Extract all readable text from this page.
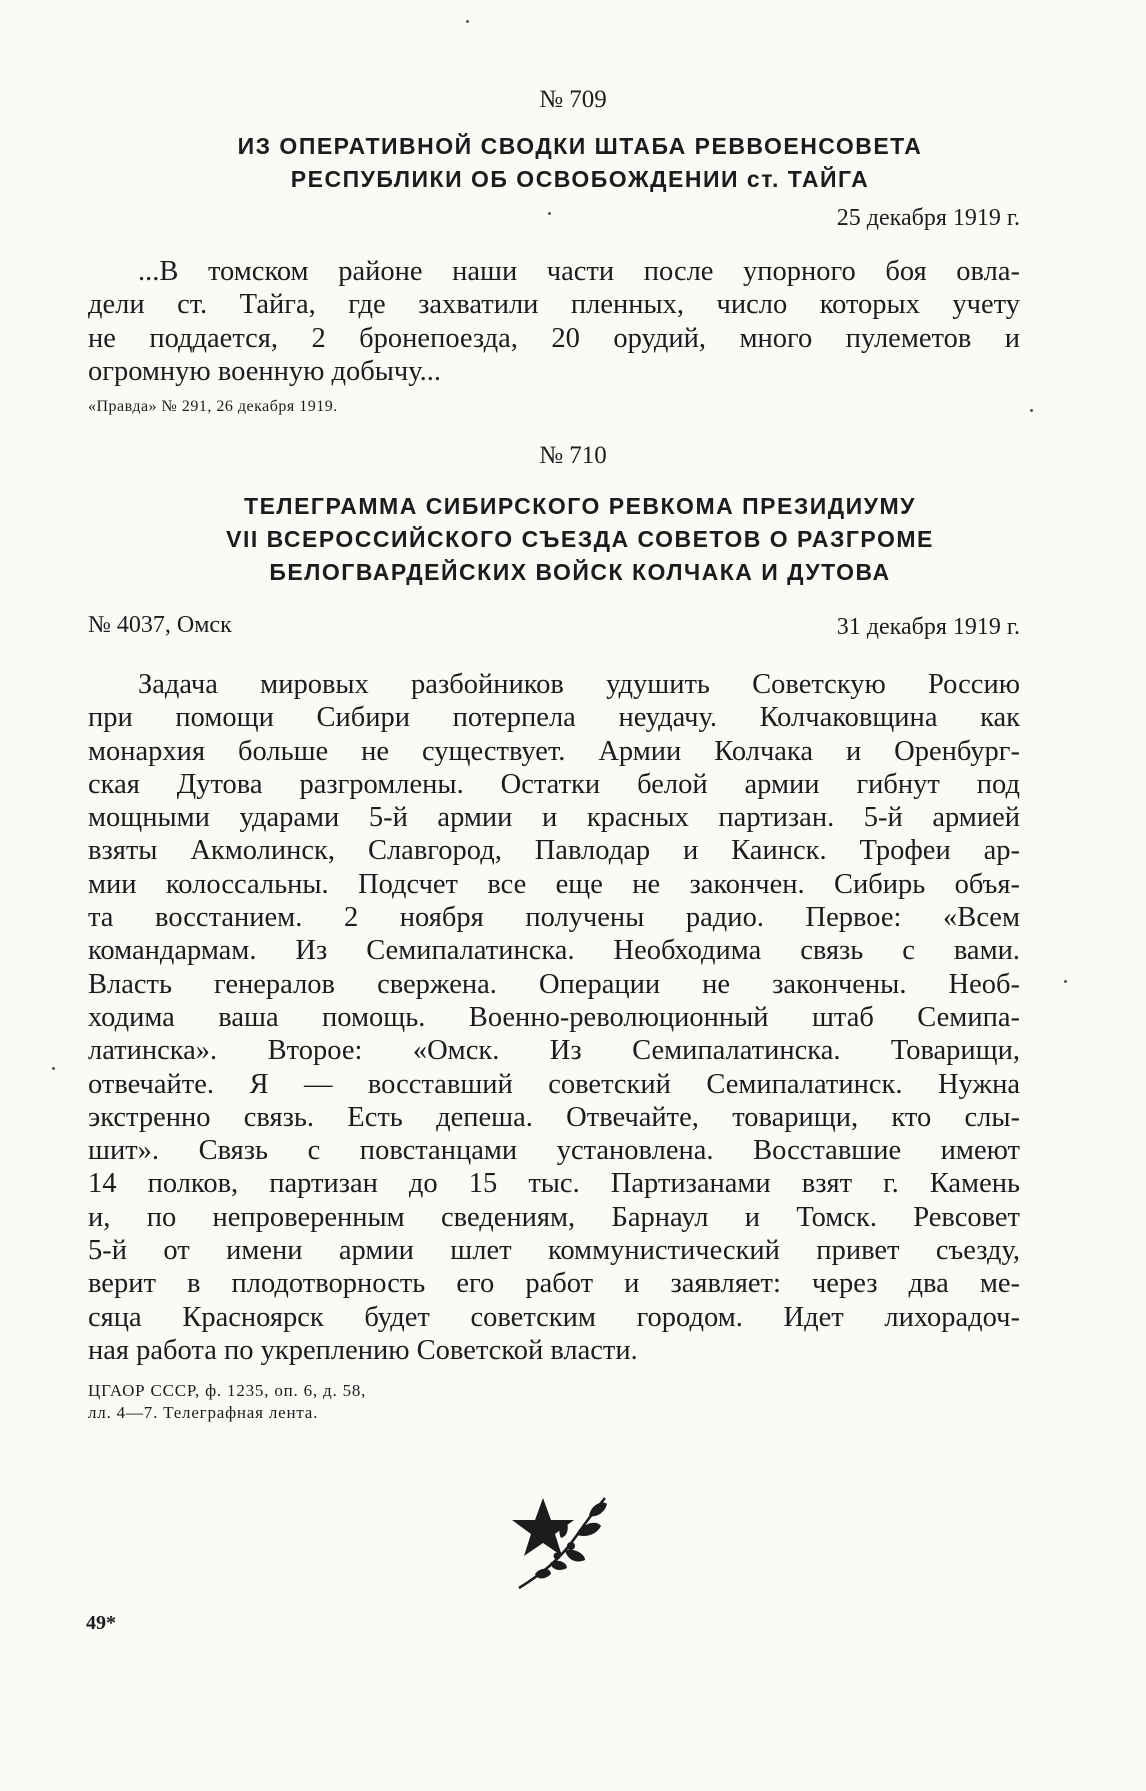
№ 709
ИЗ ОПЕРАТИВНОЙ СВОДКИ ШТАБА РЕВВОЕНСОВЕТА
РЕСПУБЛИКИ ОБ ОСВОБОЖДЕНИИ ст. ТАЙГА
25 декабря 1919 г.
...В томском районе наши части после упорного боя овла-
дели ст. Тайга, где захватили пленных, число которых учету
не поддается, 2 бронепоезда, 20 орудий, много пулеметов и
огромную военную добычу...
«Правда» № 291, 26 декабря 1919.
№ 710
ТЕЛЕГРАММА СИБИРСКОГО РЕВКОМА ПРЕЗИДИУМУ
VII ВСЕРОССИЙСКОГО СЪЕЗДА СОВЕТОВ О РАЗГРОМЕ
БЕЛОГВАРДЕЙСКИХ ВОЙСК КОЛЧАКА И ДУТОВА
№ 4037, Омск	31 декабря 1919 г.
Задача мировых разбойников удушить Советскую Россию
при помощи Сибири потерпела неудачу. Колчаковщина как
монархия больше не существует. Армии Колчака и Оренбург-
ская Дутова разгромлены. Остатки белой армии гибнут под
мощными ударами 5-й армии и красных партизан. 5-й армией
взяты Акмолинск, Славгород, Павлодар и Каинск. Трофеи ар-
мии колоссальны. Подсчет все еще не закончен. Сибирь объя-
та восстанием. 2 ноября получены радио. Первое: «Всем
командармам. Из Семипалатинска. Необходима связь с вами.
Власть генералов свержена. Операции не закончены. Необ-
ходима ваша помощь. Военно-революционный штаб Семипа-
латинска». Второе: «Омск. Из Семипалатинска. Товарищи,
отвечайте. Я — восставший советский Семипалатинск. Нужна
экстренно связь. Есть депеша. Отвечайте, товарищи, кто слы-
шит». Связь с повстанцами установлена. Восставшие имеют
14 полков, партизан до 15 тыс. Партизанами взят г. Камень
и, по непроверенным сведениям, Барнаул и Томск. Ревсовет
5-й от имени армии шлет коммунистический привет съезду,
верит в плодотворность его работ и заявляет: через два ме-
сяца Красноярск будет советским городом. Идет лихорадоч-
ная работа по укреплению Советской власти.
ЦГАОР СССР, ф. 1235, оп. 6, д. 58,
лл. 4—7. Телеграфная лента.
49*
